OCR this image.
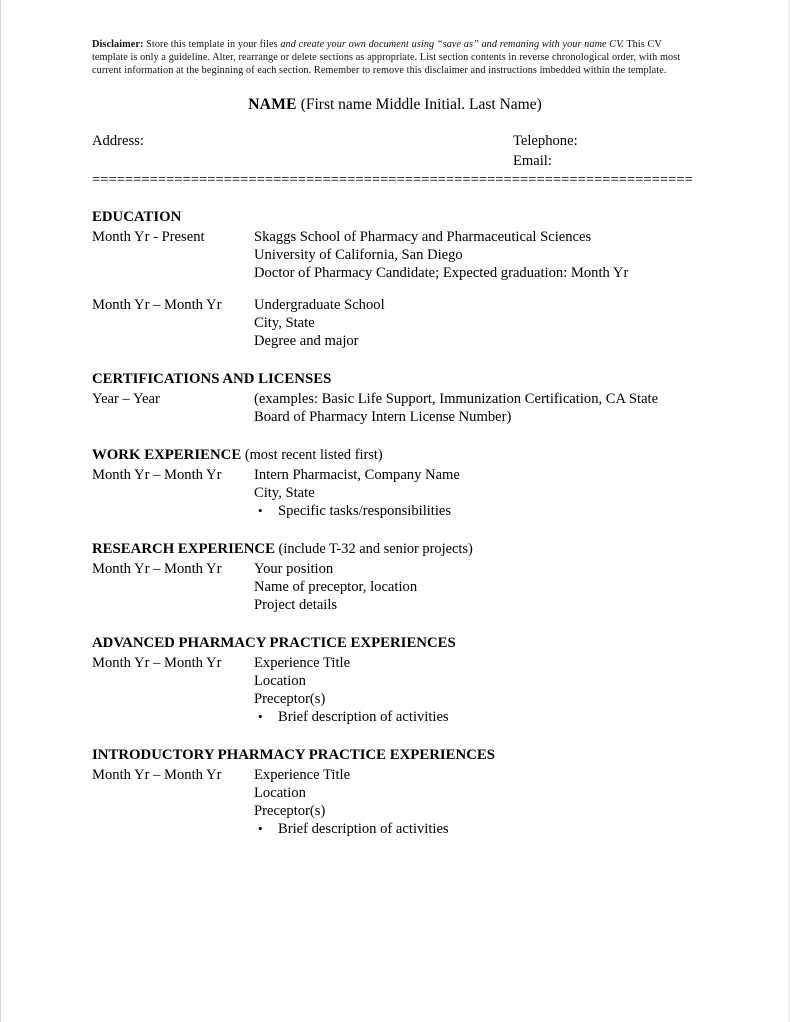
Disclaimer: Store this template in your files and create your own document using “save as” and remaning with your name CV. This CV template is only a guideline. Alter, rearrange or delete sections as appropriate. List section contents in reverse chronological order, with most current information at the beginning of each section. Remember to remove this disclaimer and instructions imbedded within the template.

NAME (First name Middle Initial. Last Name)
Address:	Telephone:
Email:
=========================================================================
EDUCATION
Month Yr - Present	Skaggs School of Pharmacy and Pharmaceutical Sciences
University of California, San Diego
Doctor of Pharmacy Candidate; Expected graduation: Month Yr
Month Yr – Month Yr	Undergraduate School
City, State
Degree and major
CERTIFICATIONS AND LICENSES
Year – Year	(examples: Basic Life Support, Immunization Certification, CA State
Board of Pharmacy Intern License Number)
WORK EXPERIENCE (most recent listed first)
Month Yr – Month Yr	Intern Pharmacist, Company Name
City, State
• Specific tasks/responsibilities
RESEARCH EXPERIENCE (include T-32 and senior projects)
Month Yr – Month Yr	Your position
Name of preceptor, location
Project details
ADVANCED PHARMACY PRACTICE EXPERIENCES
Month Yr – Month Yr	Experience Title
Location
Preceptor(s)
• Brief description of activities
INTRODUCTORY PHARMACY PRACTICE EXPERIENCES
Month Yr – Month Yr	Experience Title
Location
Preceptor(s)
• Brief description of activities
